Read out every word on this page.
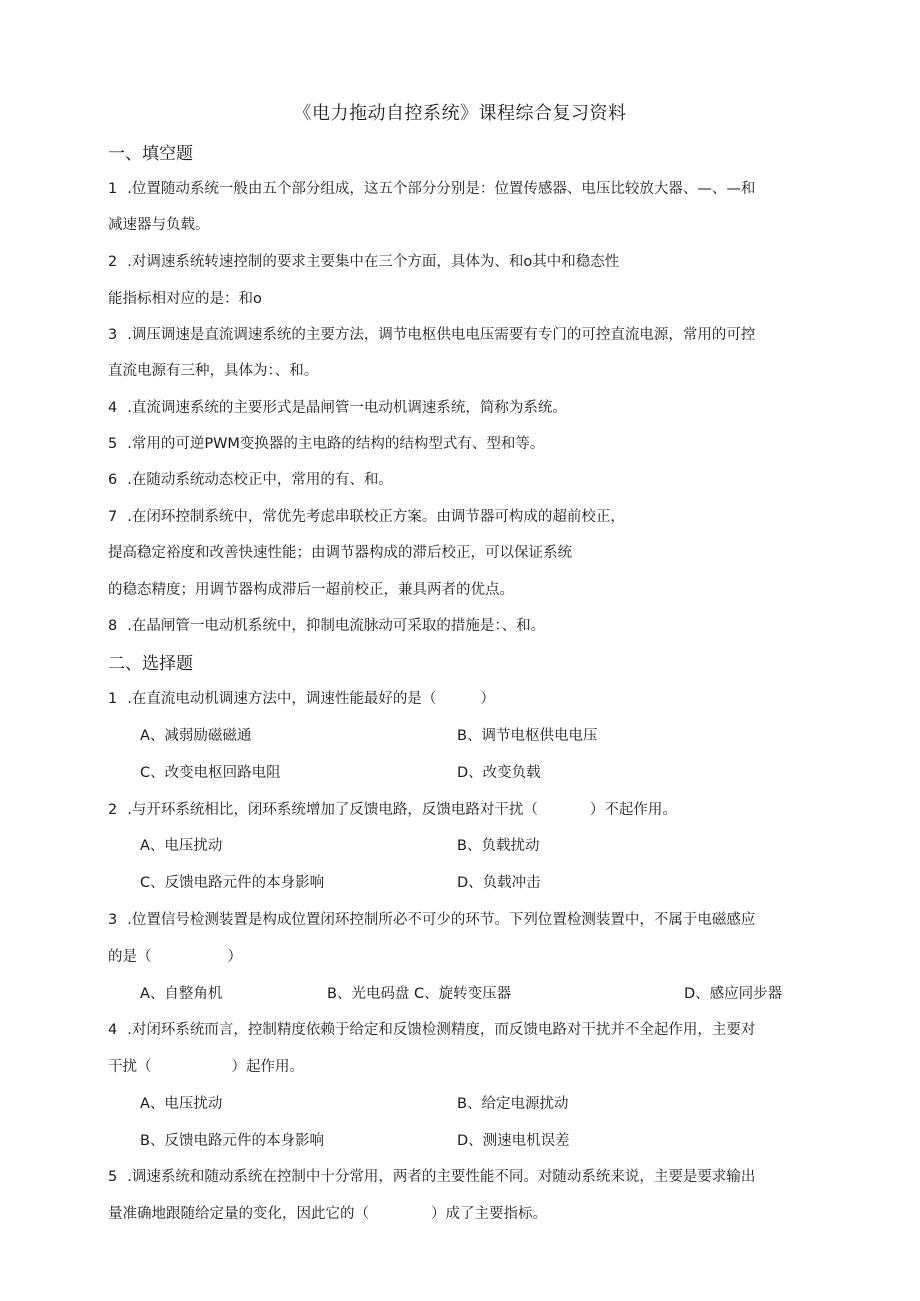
《电力拖动自控系统》课程综合复习资料
一、填空题
1 .位置随动系统一般由五个部分组成，这五个部分分别是：位置传感器、电压比较放大器、—、—和
减速器与负载。
2 .对调速系统转速控制的要求主要集中在三个方面，具体为、和o其中和稳态性
能指标相对应的是：和o
3 .调压调速是直流调速系统的主要方法，调节电枢供电电压需要有专门的可控直流电源，常用的可控
直流电源有三种，具体为：、和。
4 .直流调速系统的主要形式是晶闸管一电动机调速系统，简称为系统。
5 .常用的可逆PWM变换器的主电路的结构的结构型式有、型和等。
6 .在随动系统动态校正中，常用的有、和。
7 .在闭环控制系统中，常优先考虑串联校正方案。由调节器可构成的超前校正，
提高稳定裕度和改善快速性能；由调节器构成的滞后校正，可以保证系统
的稳态精度；用调节器构成滞后一超前校正，兼具两者的优点。
8 .在晶闸管一电动机系统中，抑制电流脉动可采取的措施是：、和。
二、选择题
1 .在直流电动机调速方法中，调速性能最好的是（	）
A、减弱励磁磁通	B、调节电枢供电电压
C、改变电枢回路电阻	D、改变负载
2 .与开环系统相比，闭环系统增加了反馈电路，反馈电路对干扰（	）不起作用。
A、电压扰动	B、负载扰动
C、反馈电路元件的本身影响	D、负载冲击
3 .位置信号检测装置是构成位置闭环控制所必不可少的环节。下列位置检测装置中，不属于电磁感应
的是（	）
A、自整角机	B、光电码盘 C、旋转变压器	D、感应同步器
4 .对闭环系统而言，控制精度依赖于给定和反馈检测精度，而反馈电路对干扰并不全起作用，主要对
干扰（	）起作用。
A、电压扰动	B、给定电源扰动
B、反馈电路元件的本身影响	D、测速电机误差
5 .调速系统和随动系统在控制中十分常用，两者的主要性能不同。对随动系统来说，主要是要求输出
量准确地跟随给定量的变化，因此它的（	）成了主要指标。
